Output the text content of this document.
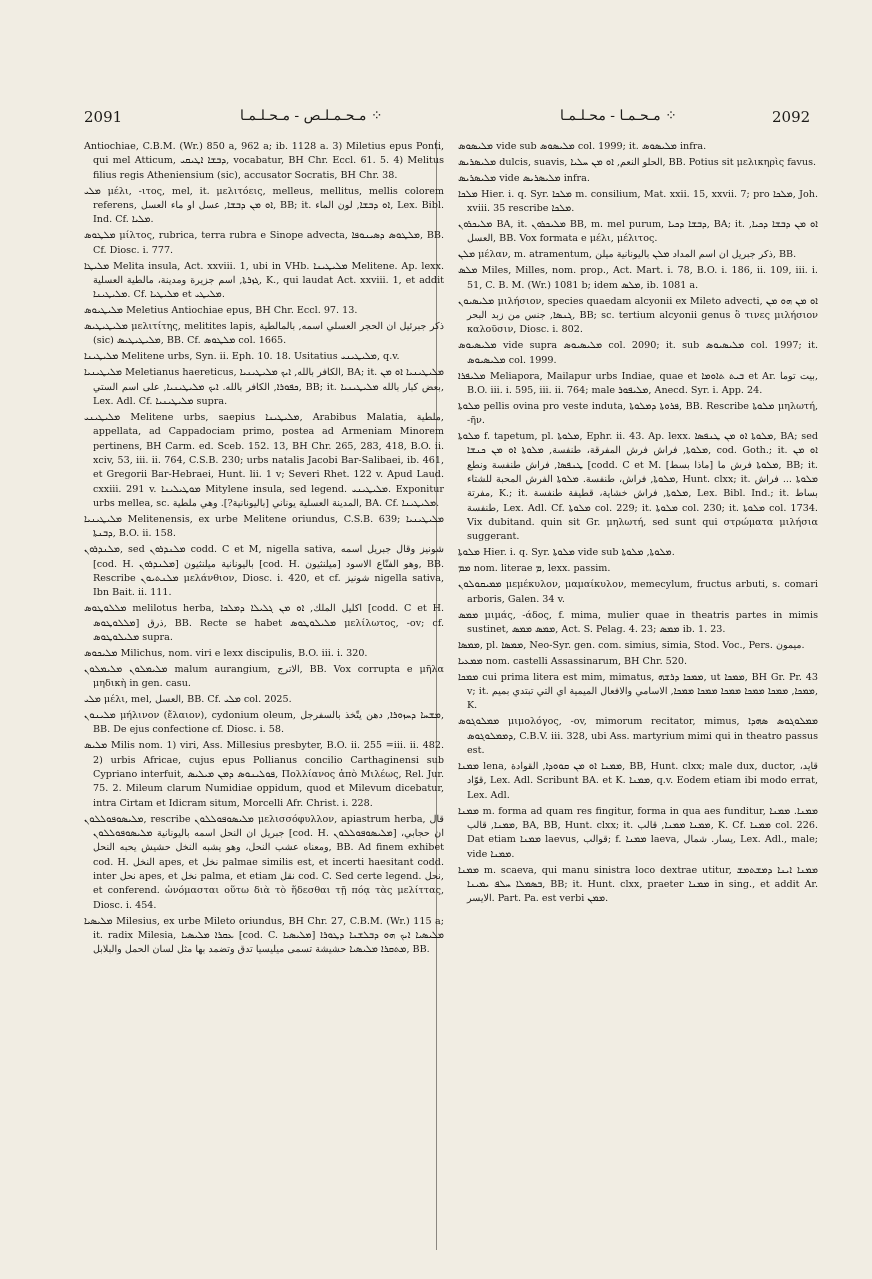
2091	⁘ مـحـمـلـص - مـحـلـمـا	⁘ مـحـمـا - محـلـمـا	2092

Antiochiae, C.B.M. (Wr.) 850 a, 962 a; ib. 1128 a. 3) Miletius epus Ponti, qui mel Atticum, ܕܒܫܐ ܐܛܝܩܝ, vocabatur, BH Chr. Eccl. 61. 5. 4) Melitus filius regis Atheniensium (sic), accusator Socratis, BH Chr. 38.

ܡܠܝ μέλι, -ιτος, mel, it. μελιτόεις, melleus, mellitus, mellis colorem referens, ܐܘ ܡܢ ܕܒܫܐ, عسل او ماء العسل, BB; it. ܐܘ ܕܒܫܐ, لون الماء, Lex. Bibl. Ind. Cf. ܡܠܝܐ.

ܡܠܛܘܣ μίλτος, rubrica, terra rubra e Sinope advecta, ܡܠܛܘܣ ܕܣܝܢܘܦܐ, BB. Cf. Diosc. i. 777.

ܡܠܝܛܐ Melita insula, Act. xxviii. 1, ubi in VHb. ܡܠܝܛܝܢܐ Melitene. Ap. lexx. ܓܙܪܬܐ, اسم جزيرة ومدينة، مالطية العسلية, K., qui laudat Act. xxviii. 1, et addit ܡܠܝܛܝܢܐ. Cf. ܡܠܝܛܝܐ et ܡܠܝܛܝ.

ܡܠܝܛܝܘܣ Meletius Antiochiae epus, BH Chr. Eccl. 97. 13.

ܡܠܝܛܝܛܝܣ μελιτίτης, melitites lapis, ذكر جبرئيل ان الحجر العسلي اسمه, بالمالطية (sic) ܡܠܝܛܝܛܝܣ, BB. Cf. ܡܠܛܘܣ col. 1665.

ܡܠܝܛܝܢܐ Melitene urbs, Syn. ii. Eph. 10. 18. Usitatius ܡܠܝܛܝܢܝ, q.v.

ܡܠܝܛܝܢܝܐ Meletianus haereticus, الكافر بالله, ܐܝܟ ܡܠܝܛܝܢܝܐ, BA; it. ܡܠܝܛܝܢܝܐ ܐܘ ܡܢ ܟܦܘܪܐ, الكافر بالله. ܐܝܟ ܡܠܝܛܝܢܝܐ, على اسم الستي, BB; it. بعض كبار بالله ܡܠܝܛܝܢܝܐ, Lex. Adl. Cf. ܡܠܝܛܝܢܝܐ supra.

ܡܠܝܛܝܢܝ Melitene urbs, saepius ܡܠܝܛܝܢܐ, Arabibus Malatia, ملطية, appellata, ad Cappadociam primo, postea ad Armeniam Minorem pertinens, BH Carm. ed. Sceb. 152. 13, BH Chr. 265, 283, 418, B.O. ii. xciv, 53, iii. ii. 764, C.S.B. 230; urbs natalis Jacobi Bar-Salibaei, ib. 461, et Gregorii Bar-Hebraei, Hunt. lii. 1 v; Severi Rhet. 122 v. Apud Laud. cxxiii. 291 v. ܡܘܛܝܠܝܢܐ Mitylene insula, sed legend. ܡܠܝܛܝܢܝ. Exponitur urbs mellea, sc. المدينة العسلية يوناني [باليونانية?]. وهي ملطية, BA. Cf. ܡܠܝܛܝܢܐ.

ܡܠܝܛܝܢܝܐ Melitenensis, ex urbe Melitene oriundus, C.S.B. 639; ܡܠܝܛܝܢܝܐ ܕܒܢܬܐ, B.O. ii. 158.

ܡܠܢܕܪܘܢ, sed ܡܠܢܕܪܘܢ codd. C et M, nigella sativa, شونيز وقال جبريل اسمه [cod. H. ܡܠܢܕܪܘܢ] باليونانية ميلنثيون [cod. H. ميلنثيون] وهو الفنّاع الاسود, BB. Rescribe ܡܠܢܬܝܘܢ μελάνθιον, Diosc. i. 420, et cf. شونيز nigella sativa, Ibn Bait. ii. 111.

ܡܠܠܘܛܘܣ melilotus herba, اكليل الملك, ܐܘ ܡܢ ܓܠܝܠܐ ܕܡܠܟܐ [codd. C et H. ܡܠܠܘܛܘܣ] ذرق, BB. Recte se habet ܡܠܝܠܘܛܘܣ μελίλωτος, -ov; cf. ܡܠܝܠܘܛܘܣ supra.

ܡܠܝܟܘܣ Milichus, nom. viri e lexx discipulis, B.O. iii. i. 320.

ܡܠܝܡܠܘܢ ܡܠܝܡܠܘܢ malum aurangium, الاترج, BB. Vox corrupta e μῆλα μηδικὴ in gen. casu.

ܡܠܝ μέλι, mel, العسل, BB. Cf. ܡܠܝ col. 2025.

ܡܠܝܢܘܢ μήλινον (ἔλαιον), cydonium oleum, ܡܫܚܐ ܕܚܙܘܪܐ, دهن يتّخذ بالسفرجل, BB. De ejus confectione cf. Diosc. i. 58.

ܡܠܝܣ Milis nom. 1) viri, Ass. Millesius presbyter, B.O. ii. 255 =iii. ii. 482. 2) urbis Africae, cujus epus Pollianus concilio Carthaginensi sub Cypriano interfuit, ܦܘܠܝܢܘܣ ܕܡܢ ܡܝܠܝܣ, Πολλίανος ἀπὸ Μιλέως, Rel. Jur. 75. 2. Mileum clarum Numidiae oppidum, quod et Milevum dicebatur, intra Cirtam et Idicram situm, Morcelli Afr. Christ. i. 228.

ܡܠܝܣܘܦܘܠܠܘܢ, rescribe ܡܠܝܣܘܦܘܠܠܘܢ μελισσόφυλλον, apiastrum herba, قال جبريل ان النحل اسمه باليونانية ܡܠܝܣܘܦܘܠܠܘܢ [cod. H. ܡܠܝܣܘܦܘܠܠܘܢ] ان حجابي، ومعناه عشب النحل، وهو يشبه النخل حشيش يحبه النحل, BB. Ad finem exhibet cod. H. النخل apes, et نخل palmae similis est, et incerti haesitant codd. inter نحل apes, et نخل palma, et etiam نقل cod. C. Sed certe legend. نحل, et conferend. ὠνόμασται οὕτω διὰ τὸ ἥδεσθαι τῇ πόᾳ τὰς μελίττας, Diosc. i. 454.

ܡܠܝܣܝܐ Milesius, ex urbe Mileto oriundus, BH Chr. 27, C.B.M. (Wr.) 115 a; it. radix Milesia, ܥܩܪܐ ܡܠܝܣܝܐ [cod. C. ܡܠܝܣܝܐ] ܡܠܝܣܝܐ ܐܝܟ ܗܘ ܕܒܠܫܢܐ ܕܛܘܪܐ ܡܬܩܪܐ ܡܠܝܣܝܐ حشيشة تسمى ميليسيا تدق وتضمد بها مثل لسان الحمل والبلابل, BB.

ܡܠܝܣܘܣ vide sub ܡܠܝܣܘܣ col. 1999; it. ܡܠܝܣܘܣ infra.

ܡܠܝܣܪܝܣ dulcis, suavis, الحلو النعم, ܐܘ ܡܢ ܚܠܝܐ, BB. Potius sit μελικηρὶς favus.

ܡܠܝܣܪܝܣ vide ܡܠܝܣܪܝܣ infra.

ܡܠܟܐ Hier. i. q. Syr. ܡܠܟܐ m. consilium, Mat. xxii. 15, xxvii. 7; pro ܡܠܟܐ, Joh. xviii. 35 rescribe ܡܠܟܐ.

ܡܠܝܟܪܘܢ BA, it. ܡܠܝܟܪܘܢ BB, m. mel purum, ܕܒܫܐ ܕܟܝܐ, BA; it. ܐܘ ܡܢ ܕܒܫܐ ܕܟܝܐ, العسل, BB. Vox formata e μέλι, μέλιτος.

ܡܠܢ μέλαν, m. atramentum, ذكر جبريل ان اسم المداد ܡܠܢ باليونانية ميلن, BB.

ܡܠܣ Miles, Milles, nom. prop., Act. Mart. i. 78, B.O. i. 186, ii. 109, iii. i. 51, C. B. M. (Wr.) 1081 b; idem ܡܠܣ, ib. 1081 a.

ܡܠܝܣܝܘܢ μιλήσιον, species quaedam alcyonii ex Mileto advecti, ܐܘ ܡܢ ܗܘ ܡܢ ܓܢܣܐ, جنس من زبد البحر, BB; sc. tertium alcyonii genus ὃ τινες μιλήσιον καλοῦσιν, Diosc. i. 802.

ܡܠܝܣܝܘܣ vide supra ܡܠܝܣܝܘܣ col. 2090; it. sub ܡܠܝܣܝܘܣ col. 1997; it. ܡܠܝܣܝܘܣ col. 1999.

ܡܠܝܦܪܐ Meliapora, Mailapur urbs Indiae, quae et ܒܝܬ ܬܐܘܡܐ et Ar. بيت توما, B.O. iii. i. 595, iii. ii. 764; male ܡܠܝܦܘܪ, Anecd. Syr. i. App. 24.

ܡܠܘܬܐ pellis ovina pro veste induta, ܦܪܘܬܐ ܕܡܠܘܬܐ, BB. Rescribe ܡܠܘܬܐ μηλωτή, -ῆν.

ܡܠܘܬܐ f. tapetum, pl. ܡܠܘܬܐ, Ephr. ii. 43. Ap. lexx. ܡܠܘܬܐ ܐܘ ܡܢ ܛܢܦܣܐ, BA; sed ܡܠܘܬܐ, فراش فرش المفرقة، طنفسة, ܡܠܘܬܐ ܐܘ ܡܢ ܟܢܫܐ, cod. Goth.; it. ܐܘ ܡܢ ܛܢܦܣܐ, فراش طنفسة ونطع [codd. C et M. ܡܠܘܬܐ فرش ما [ماذا بسط], BB; it. ܡܠܘܬܐ, فراش، طنفسة. ܡܠܘܬܐ الفرش المحبة للشتاء, Hunt. clxx; it. ܡܠܘܬܐ ... فراش مفرتة, K.; it. ܡܠܘܬܐ, فراش خشاية، قطيفة طنفسة, Lex. Bibl. Ind.; it. بساط طنفسة, Lex. Adl. Cf. ܡܠܘܬܐ col. 229; it. ܡܠܘܬܐ col. 230; it. ܡܠܘܬܐ col. 1734. Vix dubitand. quin sit Gr. μηλωτή, sed sunt qui στρώματα μιλήσια suggerant.

ܡܠܘܬܐ Hier. i. q. Syr. ܡܠܘܬܐ vide sub ܡܠܘܬܐ, ܡܠܘܬܐ.

ܡܡ nom. literae ܡ, lexx. passim.

ܡܡܝܩܘܠܘܢ μεμέκυλον, μαμαίκυλον, memecylum, fructus arbuti, s. comari arboris, Galen. 34 v.

ܡܡܣ μιμάς, -άδος, f. mima, mulier quae in theatris partes in mimis sustinet, ܡܡܣ ܡܡܣ, Act. S. Pelag. 4. 23; ܡܡܣ ib. 1. 23.

ܡܡܣܐ, pl. ܡܡܣܐ, Neo-Syr. gen. com. simius, simia, Stod. Voc., Pers. ميمون.

ܡܡܥܝܐ nom. castelli Assassinarum, BH Chr. 520.

ܡܡܟܐ cui prima litera est mim, mimatus, ܡܡܟܐ ܕܪܫܗ, ut ܡܡܟܐ, BH Gr. Pr. 43 v; it. ܡܡܟܐ, ܡܡܟܐ ܡܡܟܐ ܡܡܟܐ ܡܡܟܐ ܡܡܟܐ, الاسامي والافعال الميمية اي التي تبتدي بميم, K.

ܡܡܠܘܓܘܣ μιμολόγος, -ov, mimorum recitator, mimus, ܡܡܠܘܓܘܣ ܣܗܕܐ ܕܡܡܠܘܓܘܣ, C.B.V. iii. 328, ubi Ass. martyrium mimi qui in theatro passus est.

ܡܡܢܐ lena, ܡܡܢܐ ܐܘ ܡܢ ܩܘܘܕܐ, القوادة, BB, Hunt. clxx; male dux, ductor, قايد، قوّاد, Lex. Adl. Scribunt BA. et K. ܡܡܢܐ, q.v. Eodem etiam ibi modo errat, Lex. Adl.

ܡܡܢܐ m. forma ad quam res fingitur, forma in qua aes funditur, ܡܡܢܐ. ܡܡܢܐ ܡܡܢܐ, قالب, BA, BB, Hunt. clxx; it. ܡܡܢܐ ܡܡܢܐ, قالب, K. Cf. ܡܡܢܐ col. 226. Dat etiam ܡܡܢܐ laevus, قوالب; f. ܡܡܢܐ laeva, يسار. شمال, Lex. Adl., male; vide ܡܡܢܐ.

ܡܡܢܐ m. scaeva, qui manu sinistra loco dextrae utitur, ܡܡܢܐ ܐܝܢܐ ܕܡܫܬܡܫ ܒܣܡܠܐ ܚܠܦ ܝܡܝܢܐ, BB; it. Hunt. clxx, praeter ܡܡܢܐ in sing., et addit Ar. الايسر. Part. Pa. est verbi ܡܡܢ.
